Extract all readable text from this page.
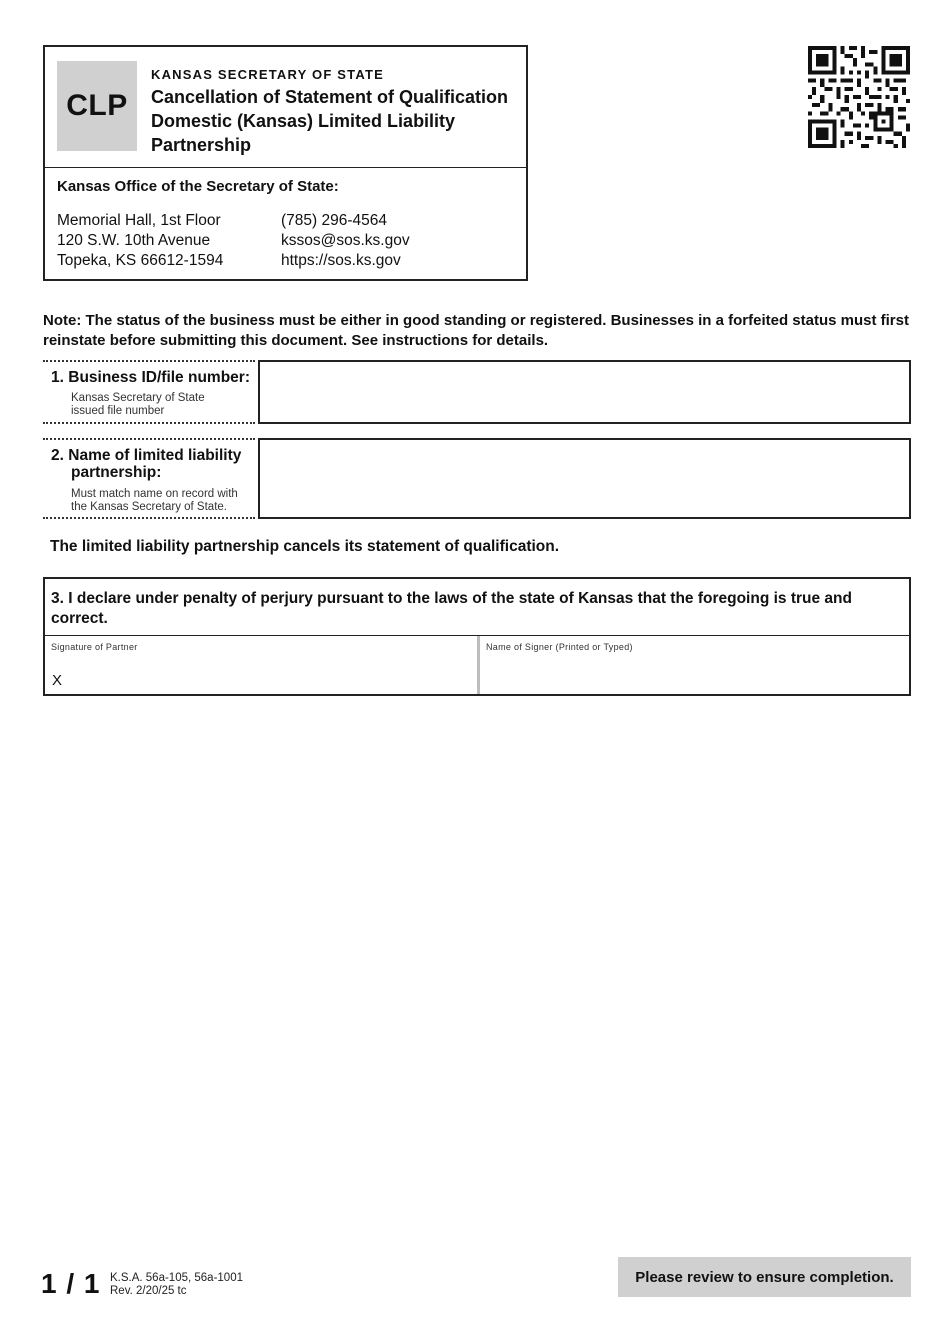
CLP
KANSAS SECRETARY OF STATE
Cancellation of Statement of Qualification
Domestic (Kansas) Limited Liability
Partnership
Kansas Office of the Secretary of State:
Memorial Hall, 1st Floor
120 S.W. 10th Avenue
Topeka, KS 66612-1594
(785) 296-4564
kssos@sos.ks.gov
https://sos.ks.gov
Note: The status of the business must be either in good standing or registered. Businesses in a forfeited status must first reinstate before submitting this document. See instructions for details.
1. Business ID/file number:
Kansas Secretary of State
issued file number
2. Name of limited liability
partnership:
Must match name on record with
the Kansas Secretary of State.
The limited liability partnership cancels its statement of qualification.
3. I declare under penalty of perjury pursuant to the laws of the state of Kansas that the foregoing is true and correct.
Signature of Partner
X
Name of Signer (Printed or Typed)
1 / 1 K.S.A. 56a-105, 56a-1001
Rev. 2/20/25 tc
Please review to ensure completion.
